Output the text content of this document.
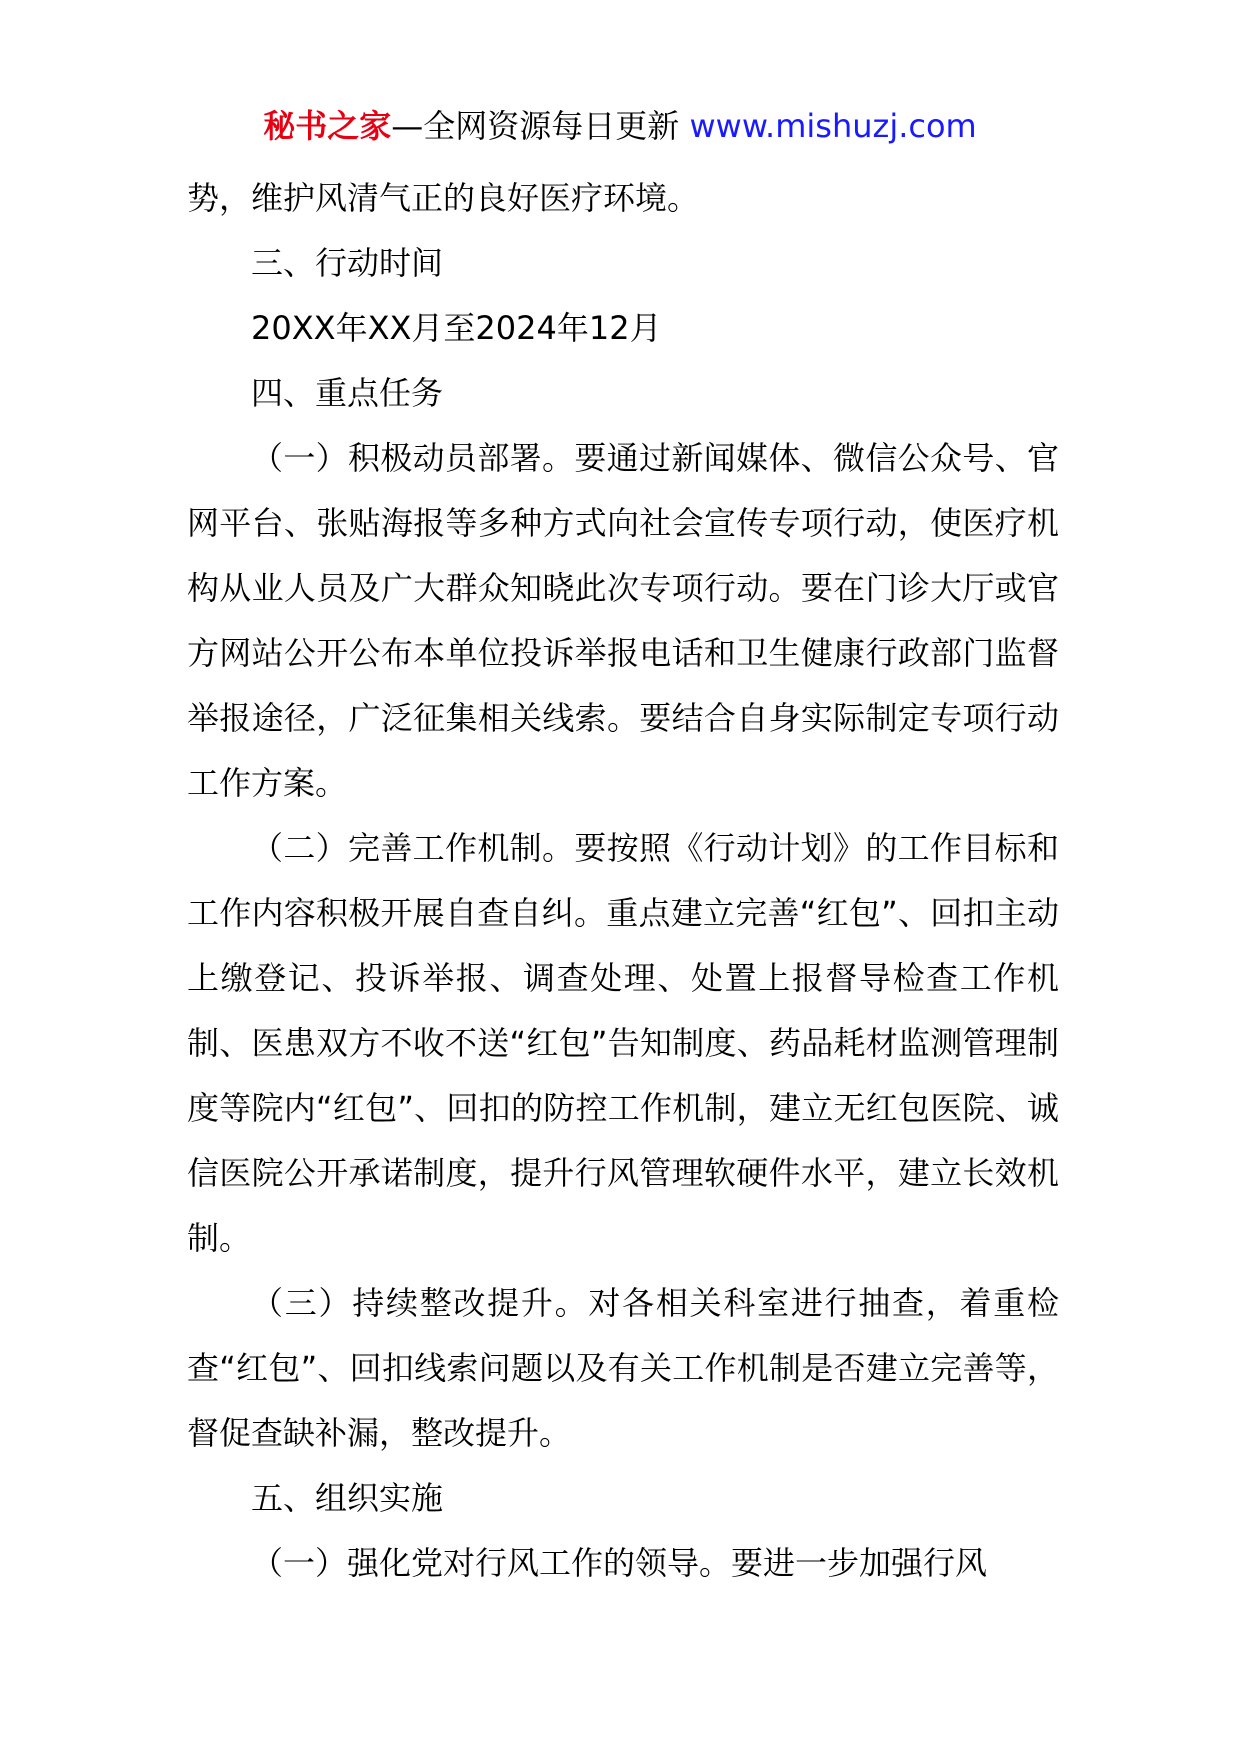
秘书之家—全网资源每日更新 www.mishuzj.com

势，维护风清气正的良好医疗环境。

三、行动时间

20XX年XX月至2024年12月

四、重点任务

（一）积极动员部署。要通过新闻媒体、微信公众号、官网平台、张贴海报等多种方式向社会宣传专项行动，使医疗机构从业人员及广大群众知晓此次专项行动。要在门诊大厅或官方网站公开公布本单位投诉举报电话和卫生健康行政部门监督举报途径，广泛征集相关线索。要结合自身实际制定专项行动工作方案。

（二）完善工作机制。要按照《行动计划》的工作目标和工作内容积极开展自查自纠。重点建立完善“红包”、回扣主动上缴登记、投诉举报、调查处理、处置上报督导检查工作机制、医患双方不收不送“红包”告知制度、药品耗材监测管理制度等院内“红包”、回扣的防控工作机制，建立无红包医院、诚信医院公开承诺制度，提升行风管理软硬件水平，建立长效机制。

（三）持续整改提升。对各相关科室进行抽查，着重检查“红包”、回扣线索问题以及有关工作机制是否建立完善等，督促查缺补漏，整改提升。

五、组织实施

（一）强化党对行风工作的领导。要进一步加强行风
